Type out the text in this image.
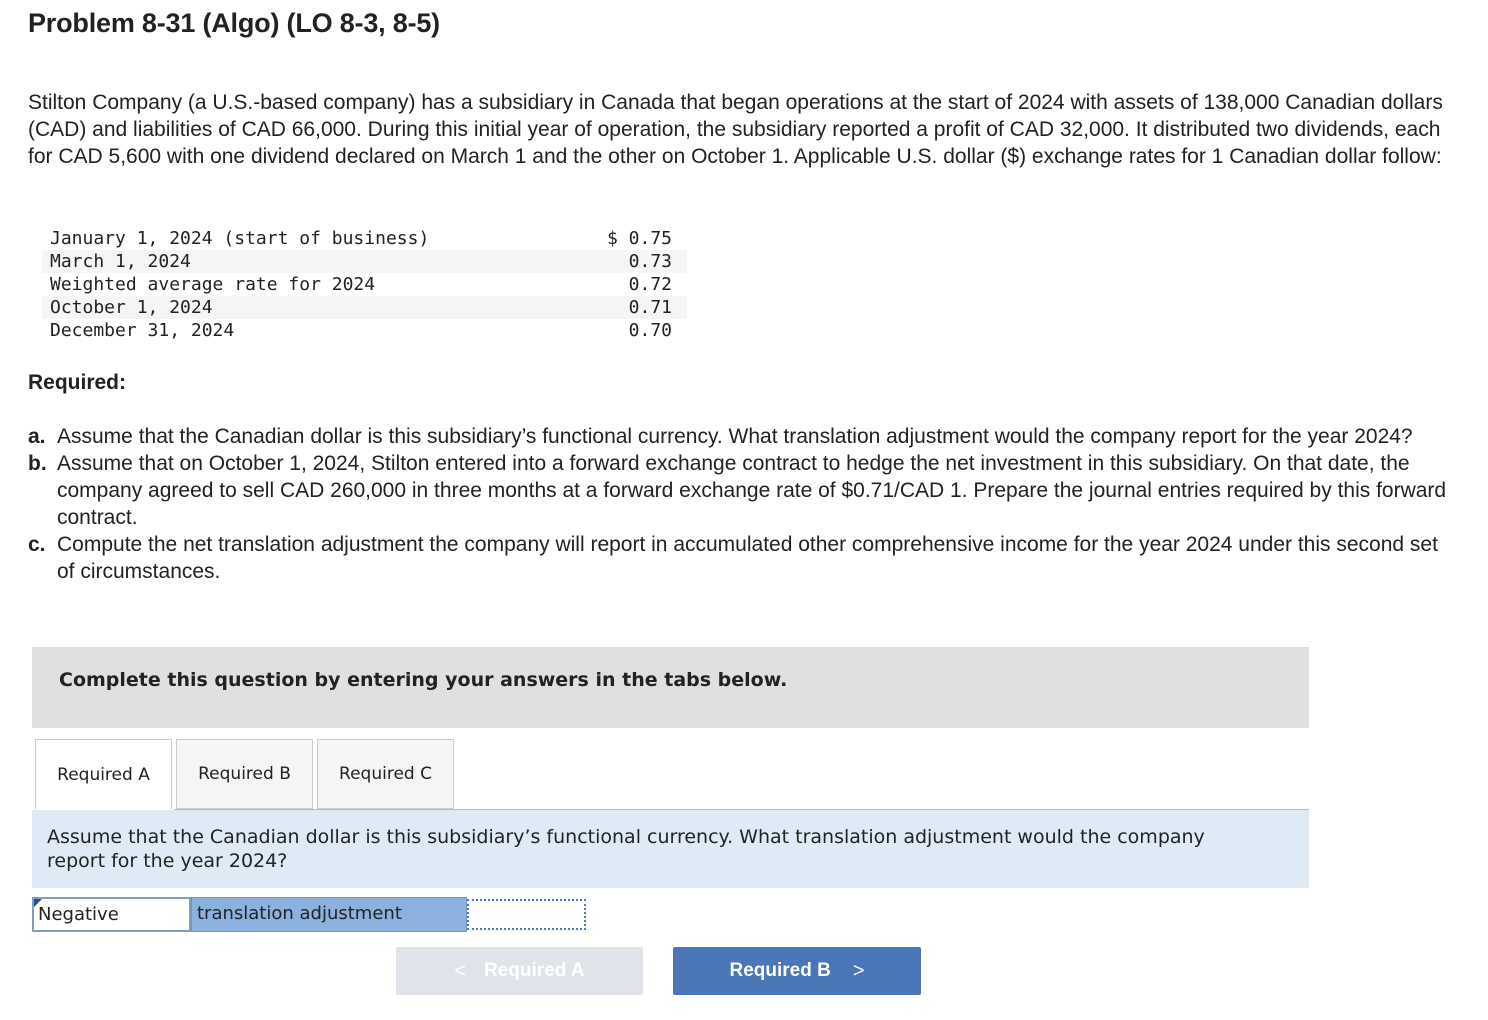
Problem 8-31 (Algo) (LO 8-3, 8-5)
Stilton Company (a U.S.-based company) has a subsidiary in Canada that began operations at the start of 2024 with assets of 138,000 Canadian dollars (CAD) and liabilities of CAD 66,000. During this initial year of operation, the subsidiary reported a profit of CAD 32,000. It distributed two dividends, each for CAD 5,600 with one dividend declared on March 1 and the other on October 1. Applicable U.S. dollar ($) exchange rates for 1 Canadian dollar follow:
January 1, 2024 (start of business)	$ 0.75
March 1, 2024	0.73
Weighted average rate for 2024	0.72
October 1, 2024	0.71
December 31, 2024	0.70
Required:
a. Assume that the Canadian dollar is this subsidiary’s functional currency. What translation adjustment would the company report for the year 2024?
b. Assume that on October 1, 2024, Stilton entered into a forward exchange contract to hedge the net investment in this subsidiary. On that date, the company agreed to sell CAD 260,000 in three months at a forward exchange rate of $0.71/CAD 1. Prepare the journal entries required by this forward contract.
c. Compute the net translation adjustment the company will report in accumulated other comprehensive income for the year 2024 under this second set of circumstances.
Complete this question by entering your answers in the tabs below.
Required A	Required B	Required C
Assume that the Canadian dollar is this subsidiary’s functional currency. What translation adjustment would the company report for the year 2024?
Negative	translation adjustment
< Required A	Required B >
